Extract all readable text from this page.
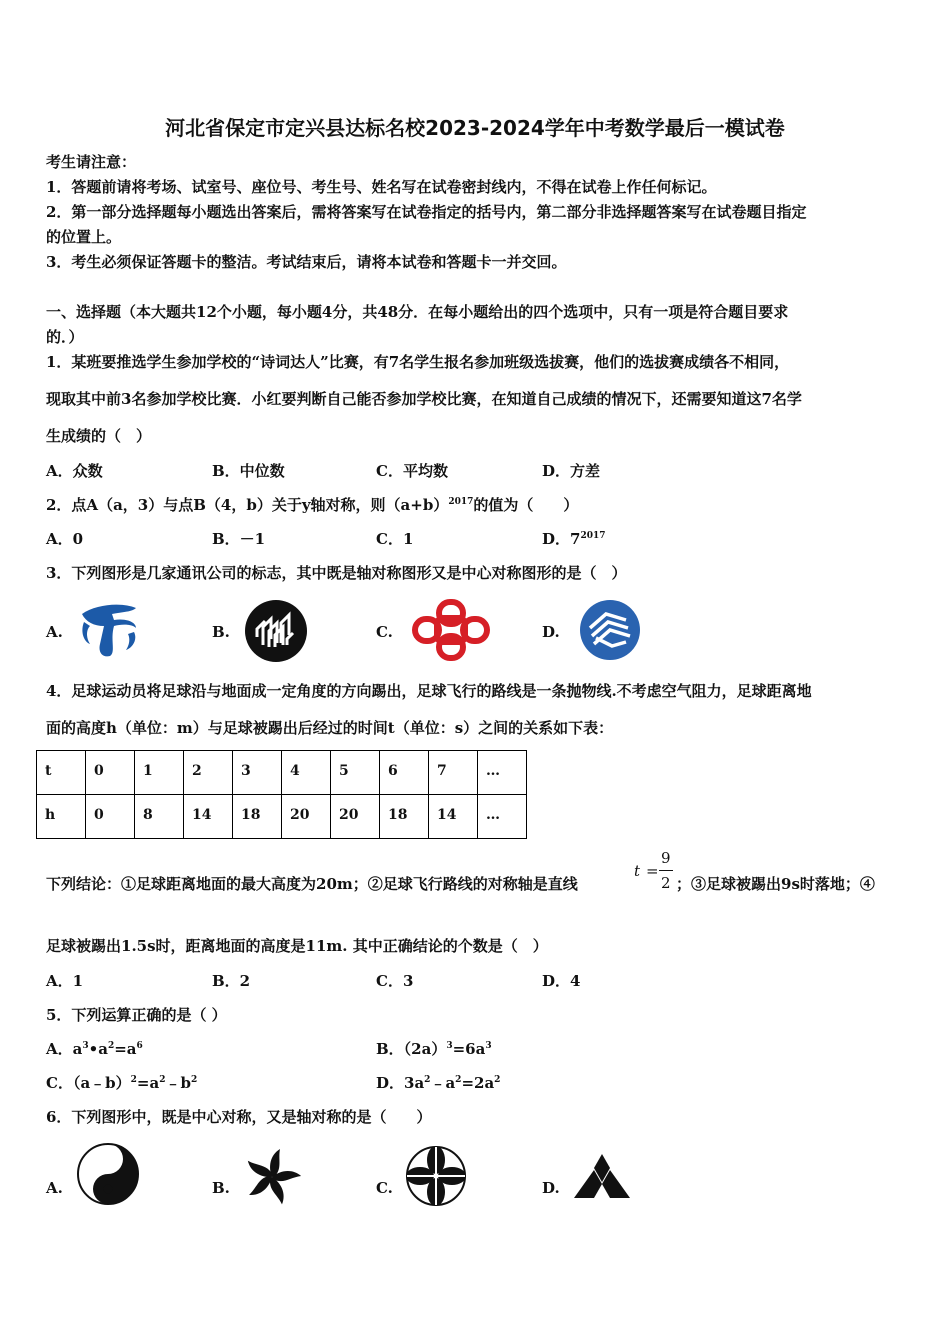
河北省保定市定兴县达标名校2023-2024学年中考数学最后一模试卷
考生请注意：
1．答题前请将考场、试室号、座位号、考生号、姓名写在试卷密封线内，不得在试卷上作任何标记。
2．第一部分选择题每小题选出答案后，需将答案写在试卷指定的括号内，第二部分非选择题答案写在试卷题目指定
的位置上。
3．考生必须保证答题卡的整洁。考试结束后，请将本试卷和答题卡一并交回。
一、选择题（本大题共12个小题，每小题4分，共48分．在每小题给出的四个选项中，只有一项是符合题目要求
的．）
1．某班要推选学生参加学校的“诗词达人”比赛，有7名学生报名参加班级选拔赛，他们的选拔赛成绩各不相同，
现取其中前3名参加学校比赛．小红要判断自己能否参加学校比赛，在知道自己成绩的情况下，还需要知道这7名学
生成绩的（　）
A．众数	B．中位数	C．平均数	D．方差
2．点A（a，3）与点B（4，b）关于y轴对称，则$(a+b)^{2017}$的值为（　　）
A．0	B．－1	C．1	D．$7^{2017}$
3．下列图形是几家通讯公司的标志，其中既是轴对称图形又是中心对称图形的是（　）
A.	B.	C.	D.
4．足球运动员将足球沿与地面成一定角度的方向踢出，足球飞行的路线是一条抛物线.不考虑空气阻力，足球距离地
面的高度h（单位：m）与足球被踢出后经过的时间t（单位：s）之间的关系如下表：
t	0	1	2	3	4	5	6	7	…
h	0	8	14	18	20	20	18	14	…
下列结论：①足球距离地面的最大高度为20m；②足球飞行路线的对称轴是直线
t =
9
2 ；③足球被踢出9s时落地；④
足球被踢出1.5s时，距离地面的高度是11m. 其中正确结论的个数是（　）
A．1	B．2	C．3	D．4
5．下列运算正确的是（ ）
A．$a^3•a^2=a^6$	B．$(2a)^3=6a^3$
C．$(a﹣b)^2=a^2﹣b^2$	D．$3a^2﹣a^2=2a^2$
6．下列图形中，既是中心对称，又是轴对称的是（　　）
A.	B.	C.	D.
